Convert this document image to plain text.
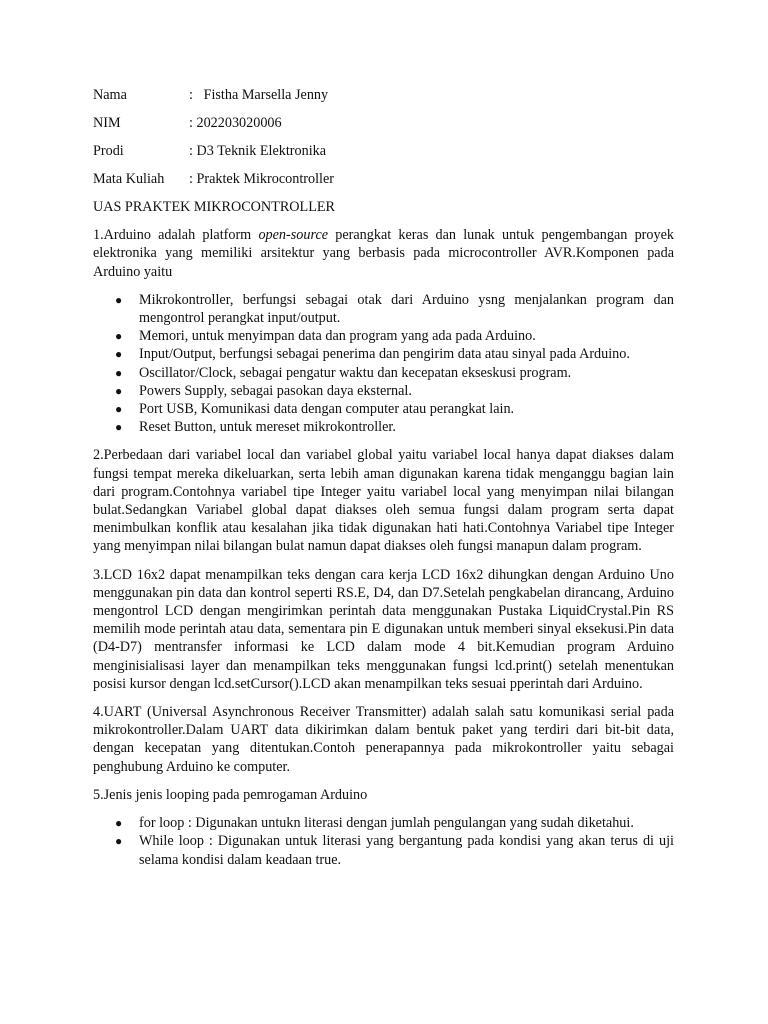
Nama	:   Fistha Marsella Jenny
NIM	: 202203020006
Prodi	: D3 Teknik Elektronika
Mata Kuliah	: Praktek Mikrocontroller
UAS PRAKTEK MIKROCONTROLLER

1.Arduino adalah platform open-source perangkat keras dan lunak untuk pengembangan proyek elektronika yang memiliki arsitektur yang berbasis pada microcontroller AVR.Komponen pada Arduino yaitu

● Mikrokontroller, berfungsi sebagai otak dari Arduino ysng menjalankan program dan mengontrol perangkat input/output.
● Memori, untuk menyimpan data dan program yang ada pada Arduino.
● Input/Output, berfungsi sebagai penerima dan pengirim data atau sinyal pada Arduino.
● Oscillator/Clock, sebagai pengatur waktu dan kecepatan ekseskusi program.
● Powers Supply, sebagai pasokan daya eksternal.
● Port USB, Komunikasi data dengan computer atau perangkat lain.
● Reset Button, untuk mereset mikrokontroller.

2.Perbedaan dari variabel local dan variabel global yaitu variabel local hanya dapat diakses dalam fungsi tempat mereka dikeluarkan, serta lebih aman digunakan karena tidak menganggu bagian lain dari program.Contohnya variabel tipe Integer yaitu variabel local yang menyimpan nilai bilangan bulat.Sedangkan Variabel global dapat diakses oleh semua fungsi dalam program serta dapat menimbulkan konflik atau kesalahan jika tidak digunakan hati hati.Contohnya Variabel tipe Integer yang menyimpan nilai bilangan bulat namun dapat diakses oleh fungsi manapun dalam program.

3.LCD 16x2 dapat menampilkan teks dengan cara kerja LCD 16x2 dihungkan dengan Arduino Uno menggunakan pin data dan kontrol seperti RS.E, D4, dan D7.Setelah pengkabelan dirancang, Arduino mengontrol LCD dengan mengirimkan perintah data menggunakan Pustaka LiquidCrystal.Pin RS memilih mode perintah atau data, sementara pin E digunakan untuk memberi sinyal eksekusi.Pin data (D4-D7) mentransfer informasi ke LCD dalam mode 4 bit.Kemudian program Arduino menginisialisasi layer dan menampilkan teks menggunakan fungsi lcd.print() setelah menentukan posisi kursor dengan lcd.setCursor().LCD akan menampilkan teks sesuai pperintah dari Arduino.

4.UART (Universal Asynchronous Receiver Transmitter) adalah salah satu komunikasi serial pada mikrokontroller.Dalam UART data dikirimkan dalam bentuk paket yang terdiri dari bit-bit data, dengan kecepatan yang ditentukan.Contoh penerapannya pada mikrokontroller yaitu sebagai penghubung Arduino ke computer.

5.Jenis jenis looping pada pemrogaman Arduino

● for loop : Digunakan untukn literasi dengan jumlah pengulangan yang sudah diketahui.
● While loop : Digunakan untuk literasi yang bergantung pada kondisi yang akan terus di uji selama kondisi dalam keadaan true.
